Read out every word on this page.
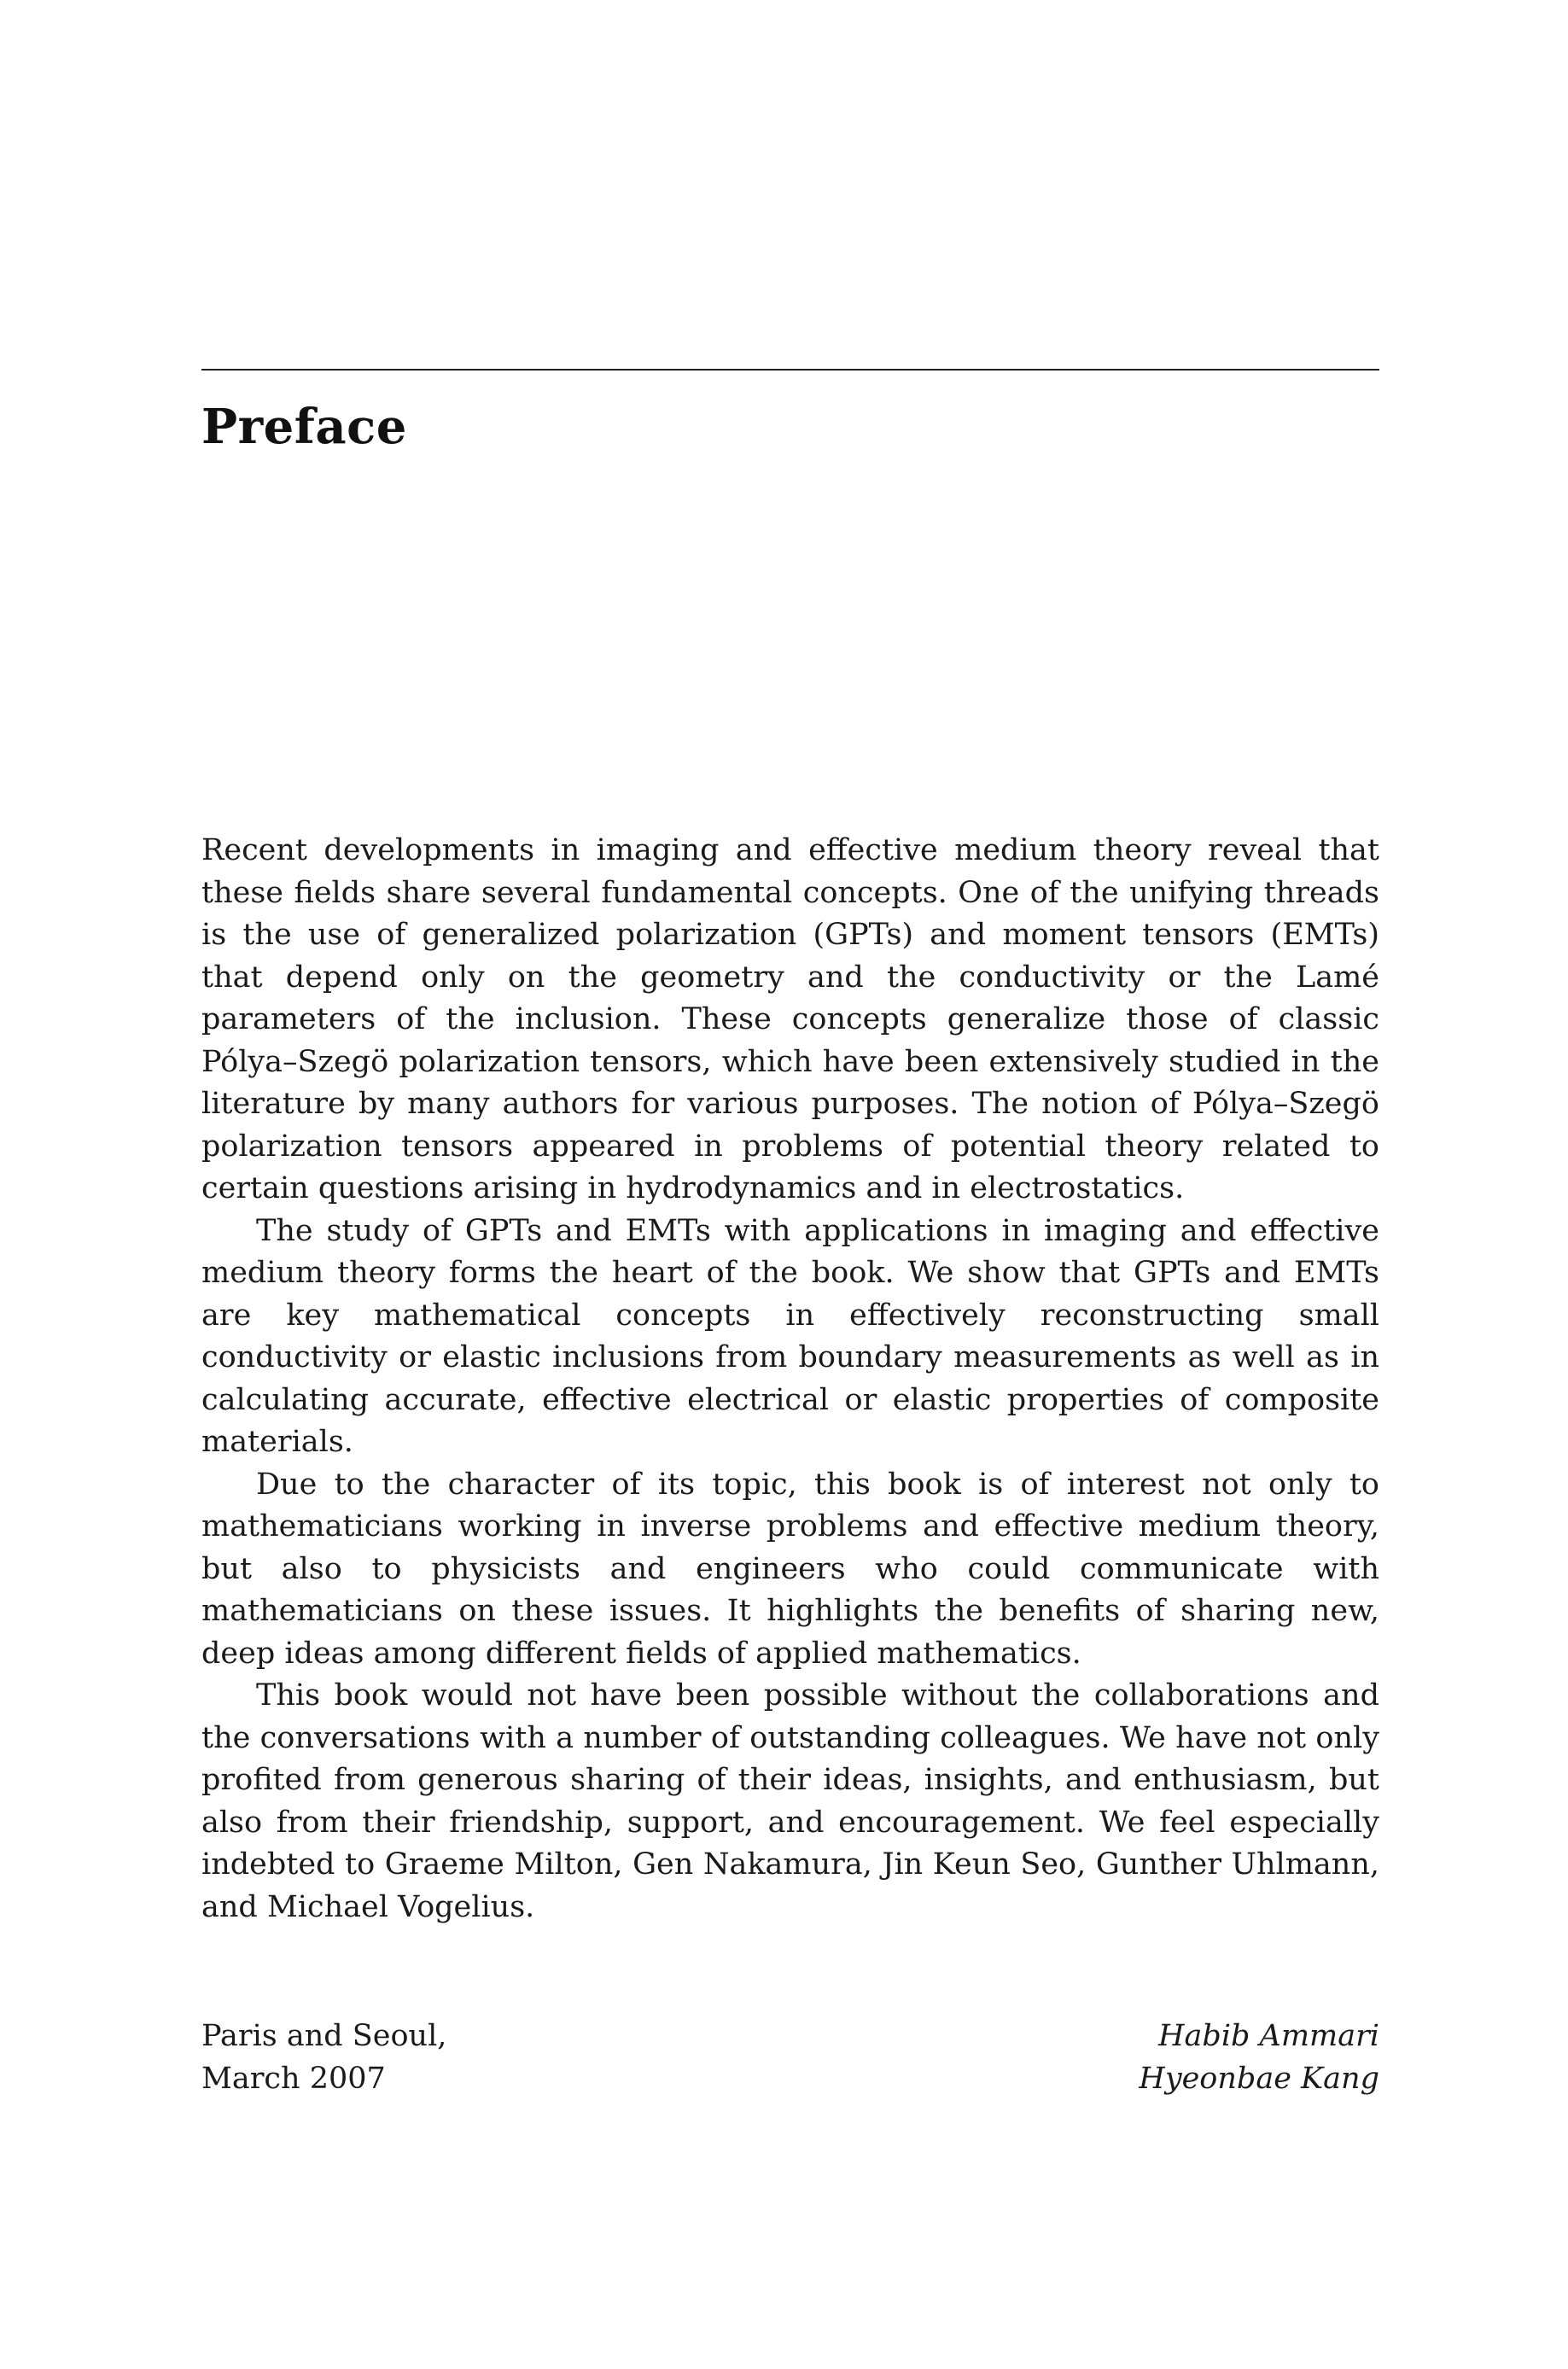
Preface

Recent developments in imaging and effective medium theory reveal that these fields share several fundamental concepts. One of the unifying threads is the use of generalized polarization (GPTs) and moment tensors (EMTs) that depend only on the geometry and the conductivity or the Lamé parameters of the inclusion. These concepts generalize those of classic Pólya–Szegö polarization tensors, which have been extensively studied in the literature by many authors for various purposes. The notion of Pólya–Szegö polarization tensors appeared in problems of potential theory related to certain questions arising in hydrodynamics and in electrostatics.

The study of GPTs and EMTs with applications in imaging and effective medium theory forms the heart of the book. We show that GPTs and EMTs are key mathematical concepts in effectively reconstructing small conductivity or elastic inclusions from boundary measurements as well as in calculating accurate, effective electrical or elastic properties of composite materials.

Due to the character of its topic, this book is of interest not only to mathematicians working in inverse problems and effective medium theory, but also to physicists and engineers who could communicate with mathematicians on these issues. It highlights the benefits of sharing new, deep ideas among different fields of applied mathematics.

This book would not have been possible without the collaborations and the conversations with a number of outstanding colleagues. We have not only profited from generous sharing of their ideas, insights, and enthusiasm, but also from their friendship, support, and encouragement. We feel especially indebted to Graeme Milton, Gen Nakamura, Jin Keun Seo, Gunther Uhlmann, and Michael Vogelius.

Paris and Seoul,
March 2007
Habib Ammari
Hyeonbae Kang
